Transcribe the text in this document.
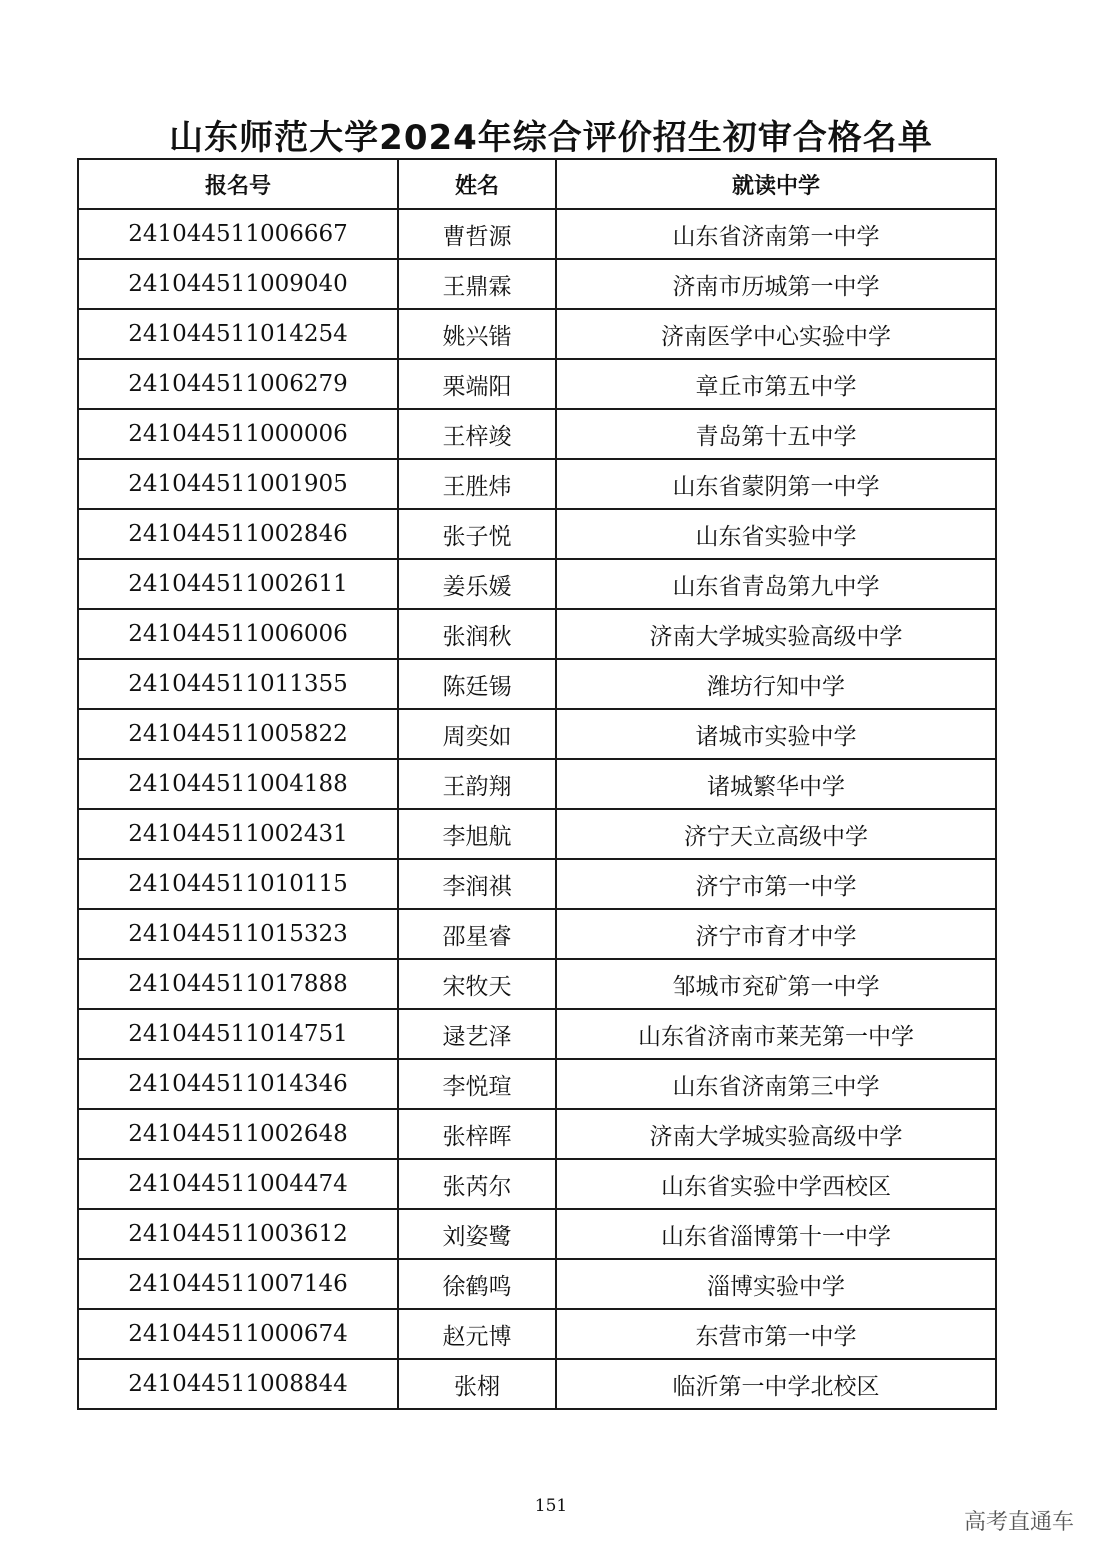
山东师范大学2024年综合评价招生初审合格名单
报名号	姓名	就读中学
241044511006667	曹哲源	山东省济南第一中学
241044511009040	王鼎霖	济南市历城第一中学
241044511014254	姚兴锴	济南医学中心实验中学
241044511006279	栗端阳	章丘市第五中学
241044511000006	王梓竣	青岛第十五中学
241044511001905	王胜炜	山东省蒙阴第一中学
241044511002846	张子悦	山东省实验中学
241044511002611	姜乐媛	山东省青岛第九中学
241044511006006	张润秋	济南大学城实验高级中学
241044511011355	陈廷锡	潍坊行知中学
241044511005822	周奕如	诸城市实验中学
241044511004188	王韵翔	诸城繁华中学
241044511002431	李旭航	济宁天立高级中学
241044511010115	李润祺	济宁市第一中学
241044511015323	邵星睿	济宁市育才中学
241044511017888	宋牧天	邹城市兖矿第一中学
241044511014751	逯艺泽	山东省济南市莱芜第一中学
241044511014346	李悦瑄	山东省济南第三中学
241044511002648	张梓晖	济南大学城实验高级中学
241044511004474	张芮尔	山东省实验中学西校区
241044511003612	刘姿鹭	山东省淄博第十一中学
241044511007146	徐鹤鸣	淄博实验中学
241044511000674	赵元博	东营市第一中学
241044511008844	张栩	临沂第一中学北校区
151
高考直通车
